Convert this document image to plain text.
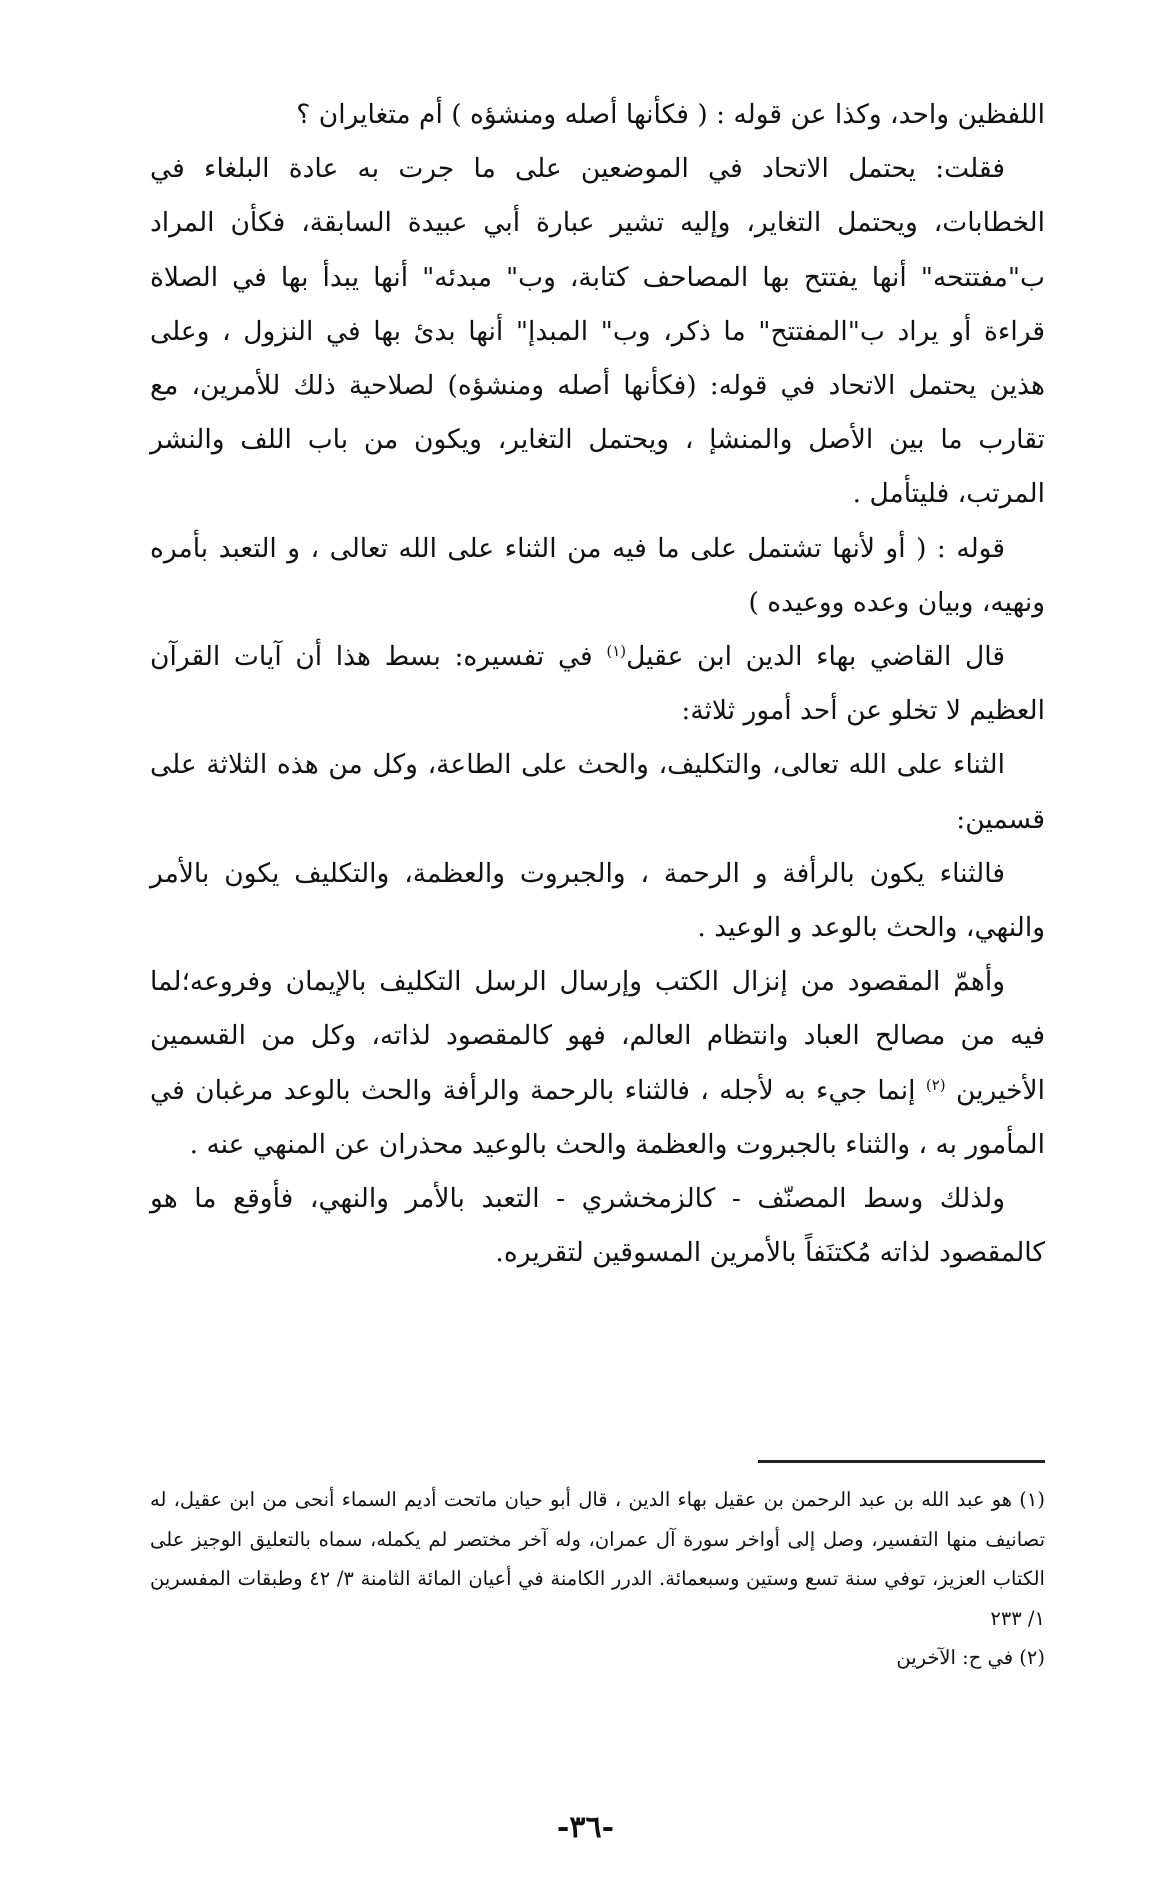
اللفظين واحد، وكذا عن قوله : ( فكأنها أصله ومنشؤه ) أم متغايران ؟

فقلت: يحتمل الاتحاد في الموضعين على ما جرت به عادة البلغاء في الخطابات، ويحتمل التغاير، وإليه تشير عبارة أبي عبيدة السابقة، فكأن المراد ب"مفتتحه" أنها يفتتح بها المصاحف كتابة، وب" مبدئه" أنها يبدأ بها في الصلاة قراءة أو يراد ب"المفتتح" ما ذكر، وب" المبدإ" أنها بدئ بها في النزول ، وعلى هذين يحتمل الاتحاد في قوله: (فكأنها أصله ومنشؤه) لصلاحية ذلك للأمرين، مع تقارب ما بين الأصل والمنشإ ، ويحتمل التغاير، ويكون من باب اللف والنشر المرتب، فليتأمل .

قوله : ( أو لأنها تشتمل على ما فيه من الثناء على الله تعالى ، و التعبد بأمره ونهيه، وبيان وعده ووعيده )

قال القاضي بهاء الدين ابن عقيل$^{(١)}$ في تفسيره: بسط هذا أن آيات القرآن العظيم لا تخلو عن أحد أمور ثلاثة:

الثناء على الله تعالى، والتكليف، والحث على الطاعة، وكل من هذه الثلاثة على قسمين:

فالثناء يكون بالرأفة و الرحمة ، والجبروت والعظمة، والتكليف يكون بالأمر والنهي، والحث بالوعد و الوعيد .

وأهمّ المقصود من إنزال الكتب وإرسال الرسل التكليف بالإيمان وفروعه؛لما فيه من مصالح العباد وانتظام العالم، فهو كالمقصود لذاته، وكل من القسمين الأخيرين $^{(٢)}$ إنما جيء به لأجله ، فالثناء بالرحمة والرأفة والحث بالوعد مرغبان في المأمور به ، والثناء بالجبروت والعظمة والحث بالوعيد محذران عن المنهي عنه .

ولذلك وسط المصنّف - كالزمخشري - التعبد بالأمر والنهي، فأوقع ما هو كالمقصود لذاته مُكتنَفاً بالأمرين المسوقين لتقريره.

(١) هو عبد الله بن عبد الرحمن بن عقيل بهاء الدين ، قال أبو حيان ماتحت أديم السماء أنحى من ابن عقيل، له تصانيف منها التفسير، وصل إلى أواخر سورة آل عمران، وله آخر مختصر لم يكمله، سماه بالتعليق الوجيز على الكتاب العزيز، توفي سنة تسع وستين وسبعمائة. الدرر الكامنة في أعيان المائة الثامنة ٣/ ٤٢ وطبقات المفسرين ١/ ٢٣٣

(٢) في ح: الآخرين

-٣٦-
